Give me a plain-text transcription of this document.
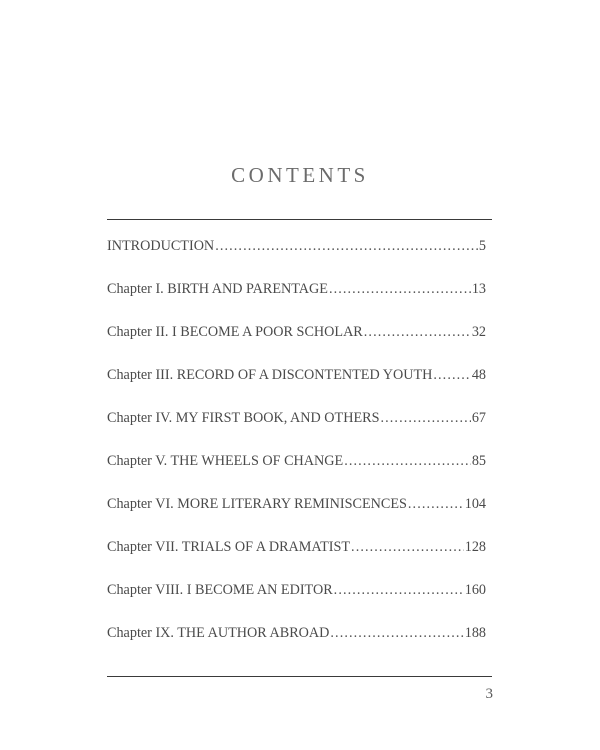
CONTENTS
INTRODUCTION .....	5
Chapter I. BIRTH AND PARENTAGE .....	13
Chapter II. I BECOME A POOR SCHOLAR .....	32
Chapter III. RECORD OF A DISCONTENTED YOUTH .....	48
Chapter IV. MY FIRST BOOK, AND OTHERS .....	67
Chapter V. THE WHEELS OF CHANGE .....	85
Chapter VI. MORE LITERARY REMINISCENCES .....	104
Chapter VII. TRIALS OF A DRAMATIST .....	128
Chapter VIII. I BECOME AN EDITOR .....	160
Chapter IX. THE AUTHOR ABROAD .....	188
3
